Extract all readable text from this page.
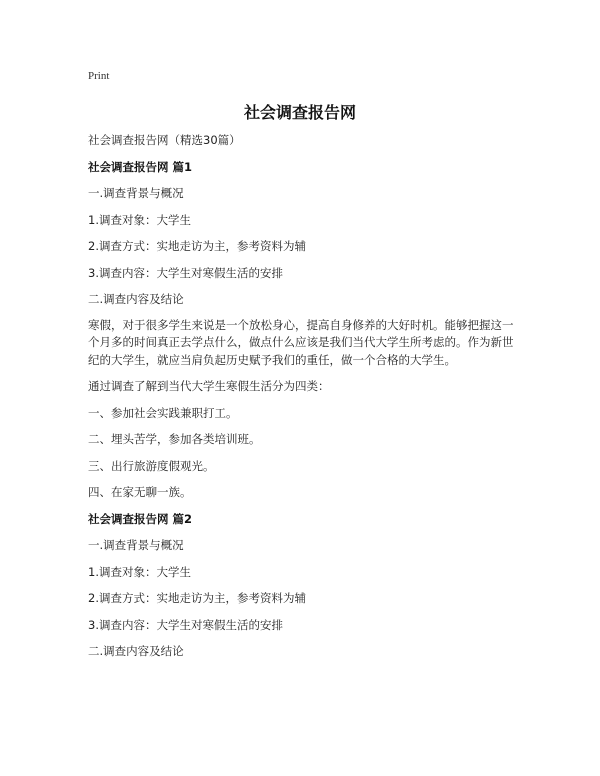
Print
社会调查报告网

社会调查报告网（精选30篇）

社会调查报告网 篇1

一.调查背景与概况

1.调查对象：大学生

2.调查方式：实地走访为主，参考资料为辅

3.调查内容：大学生对寒假生活的安排

二.调查内容及结论

寒假，对于很多学生来说是一个放松身心，提高自身修养的大好时机。能够把握这一个月多的时间真正去学点什么，做点什么应该是我们当代大学生所考虑的。作为新世纪的大学生，就应当肩负起历史赋予我们的重任，做一个合格的大学生。

通过调查了解到当代大学生寒假生活分为四类：

一、参加社会实践兼职打工。

二、埋头苦学，参加各类培训班。

三、出行旅游度假观光。

四、在家无聊一族。

社会调查报告网 篇2

一.调查背景与概况

1.调查对象：大学生

2.调查方式：实地走访为主，参考资料为辅

3.调查内容：大学生对寒假生活的安排

二.调查内容及结论
